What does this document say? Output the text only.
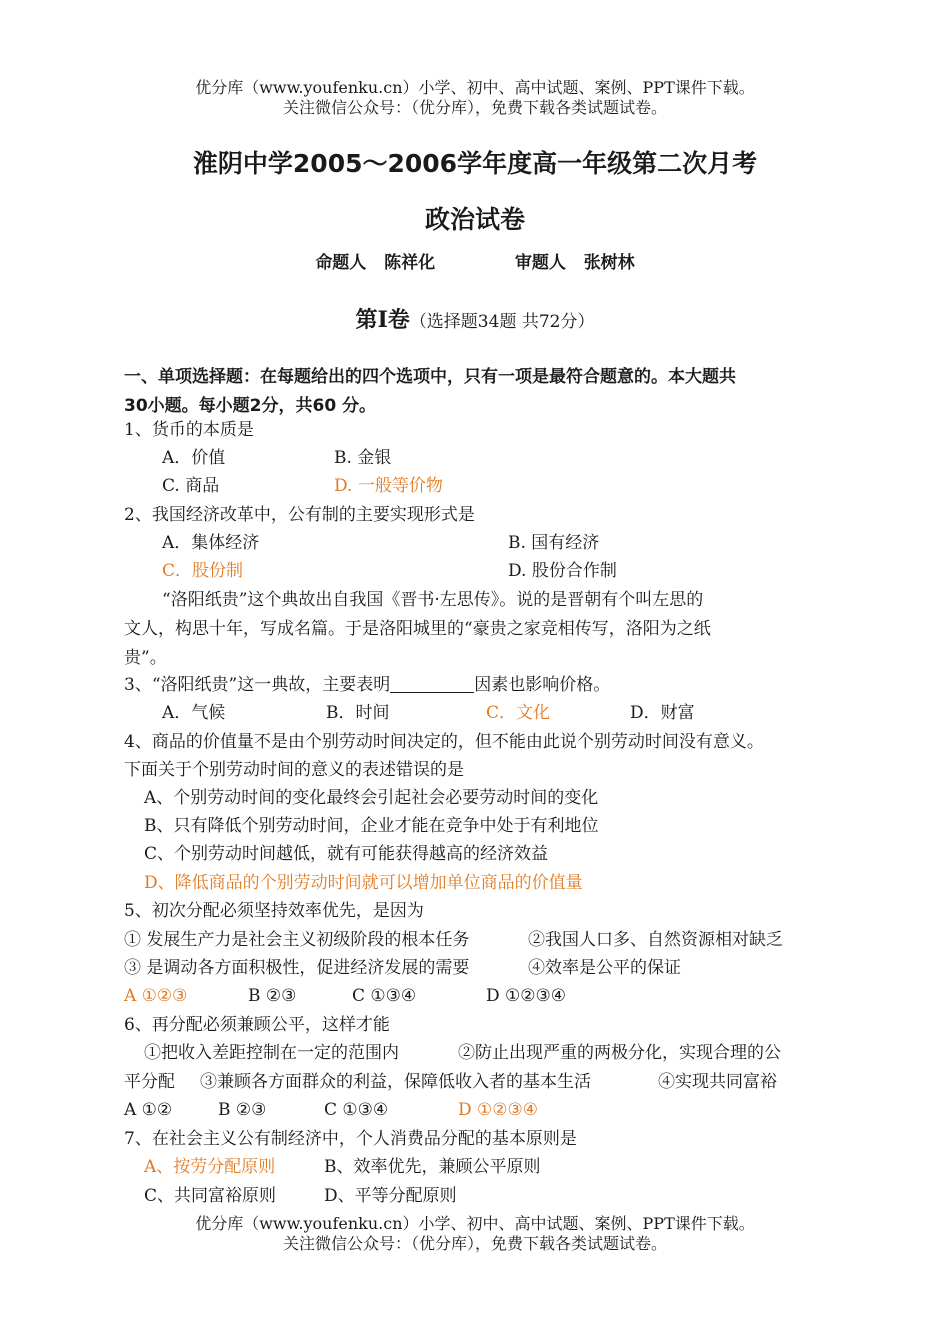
优分库（www.youfenku.cn）小学、初中、高中试题、案例、PPT课件下载。
关注微信公众号：（优分库），免费下载各类试题试卷。
淮阴中学2005～2006学年度高一年级第二次月考
政治试卷
命题人 陈祥化	审题人 张树林
第Ⅰ卷（选择题34题 共72分）
一、单项选择题：在每题给出的四个选项中，只有一项是最符合题意的。本大题共
30小题。每小题2分，共60 分。
1、货币的本质是
A．价值	B. 金银
C. 商品	D. 一般等价物
2、我国经济改革中，公有制的主要实现形式是
A．集体经济	B. 国有经济
C．股份制	D. 股份合作制
“洛阳纸贵”这个典故出自我国《晋书·左思传》。说的是晋朝有个叫左思的
文人，构思十年，写成名篇。于是洛阳城里的“豪贵之家竞相传写，洛阳为之纸
贵”。
3、“洛阳纸贵”这一典故，主要表明	因素也影响价格。
A．气候	B．时间	C．文化	D．财富
4、商品的价值量不是由个别劳动时间决定的，但不能由此说个别劳动时间没有意义。
下面关于个别劳动时间的意义的表述错误的是
A、个别劳动时间的变化最终会引起社会必要劳动时间的变化
B、只有降低个别劳动时间，企业才能在竞争中处于有利地位
C、个别劳动时间越低，就有可能获得越高的经济效益
D、降低商品的个别劳动时间就可以增加单位商品的价值量
5、初次分配必须坚持效率优先，是因为
① 发展生产力是社会主义初级阶段的根本任务	②我国人口多、自然资源相对缺乏
③ 是调动各方面积极性，促进经济发展的需要	④效率是公平的保证
A ①②③	B ②③	C ①③④	D ①②③④
6、再分配必须兼顾公平，这样才能
①把收入差距控制在一定的范围内	②防止出现严重的两极分化，实现合理的公
平分配 ③兼顾各方面群众的利益，保障低收入者的基本生活	④实现共同富裕
A ①②	B ②③	C ①③④	D ①②③④
7、在社会主义公有制经济中，个人消费品分配的基本原则是
A、按劳分配原则	B、效率优先，兼顾公平原则
C、共同富裕原则	D、平等分配原则
优分库（www.youfenku.cn）小学、初中、高中试题、案例、PPT课件下载。
关注微信公众号：（优分库），免费下载各类试题试卷。
